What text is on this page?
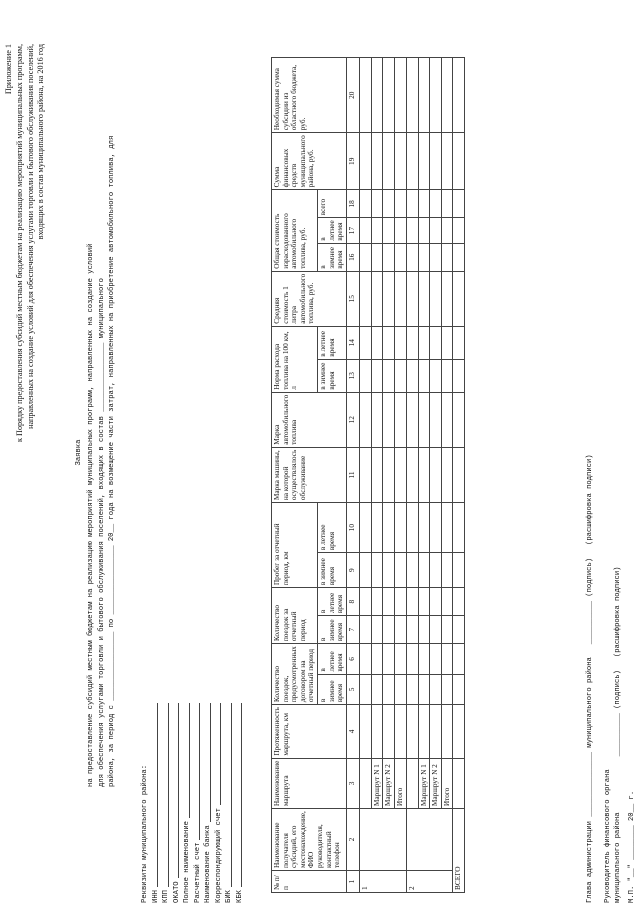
Приложение 1 к Порядку предоставления субсидий местным бюджетам на реализацию мероприятий муниципальных программ, направленных на создание условий для обеспечения услугами торговли и бытового обслуживания поселений, входящих в состав муниципального района, на 2016 год
Заявка на предоставление субсидий местным бюджетам на реализацию мероприятий муниципальных программ, направленных на создание условий для обеспечения услугами торговли и бытового обслуживания поселений, входящих в состав ________________ муниципального района, за период с ________________ по ________________ 20__ года на возмещение части затрат, направленных на приобретение автомобильного топлива, для
Реквизиты муниципального района: ИНН КПП ОКАТО Полное наименование Расчетный счет Наименование банка Корреспондирующий счет БИК КБК
№ п/п	Наименование получателя субсидий, его местонахождение, ФИО руководителя, контактный телефон	Наименование маршрута	Протяженность маршрута, км	Количество поездок, предусмотренных договором на отчетный период		Количество поездок за отчетный период		Пробег за отчетный период, км		Марка машины, на которой осуществлялось обслуживание	Марка автомобильного топлива	Норма расхода топлива на 100 км, л		Средняя стоимость 1 литра автомобильного топлива, руб.	Общая стоимость израсходованного автомобильного топлива, руб.			Сумма финансовых средств муниципального района, руб.	Необходимая сумма субсидии из областного бюджета, руб.
				в зимнее время	в летнее время	в зимнее время	в летнее время	в зимнее время	в летнее время			в зимнее время	в летнее время		в зимнее время	в летнее время	всего		
1	2	3	4	5	6	7	8	9	10	11	12	13	14	15	16	17	18	19	20
1																			
		Маршрут N 1																	
		Маршрут N 2																	
		Итого																	
2																			
		Маршрут N 1																	
		Маршрут N 2																	
		Итого																	
ВСЕГО																				Глава администрации _______________ муниципального района   __________ (подпись)   (расшифровка подписи)
Руководитель финансового органа муниципального района             __________ (подпись)   (расшифровка подписи)
М.П. "__" ________ 20__ г.
